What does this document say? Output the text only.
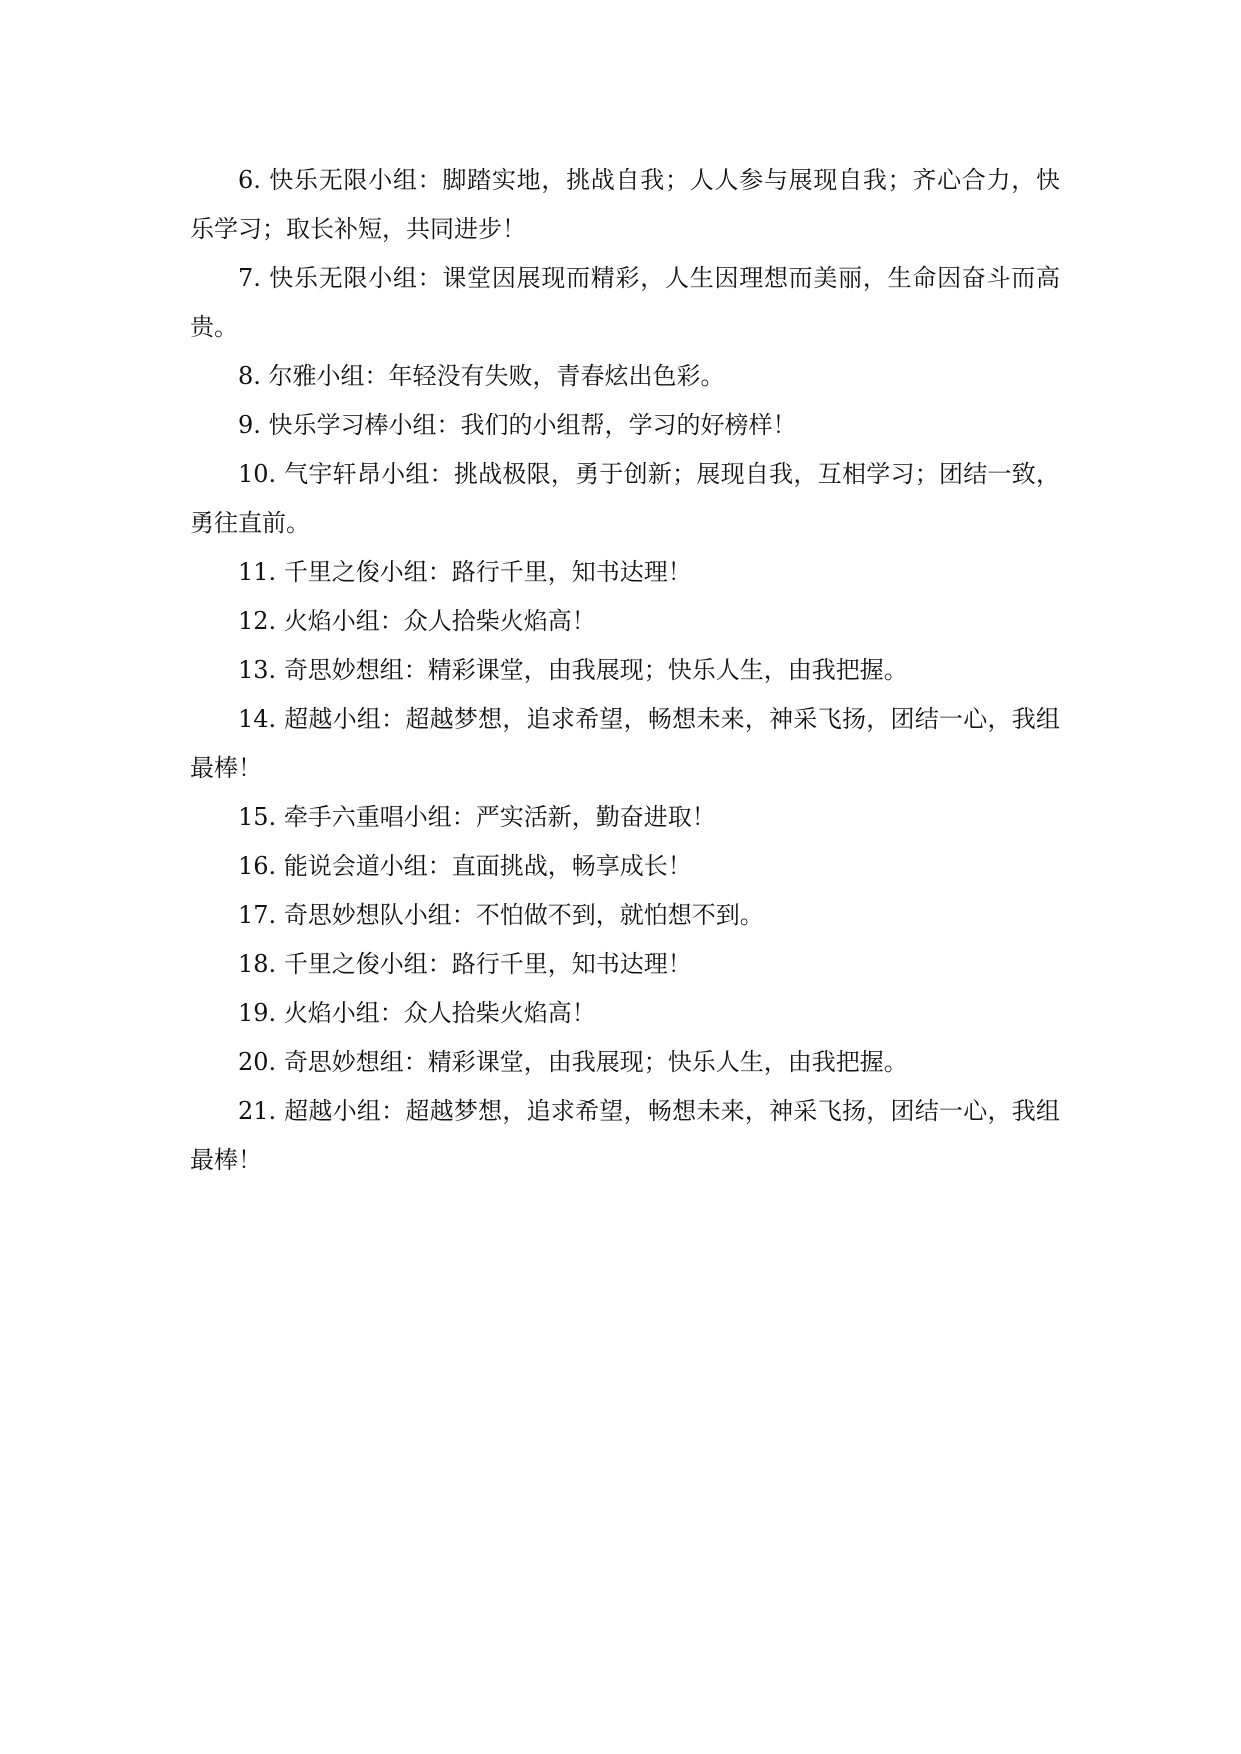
6. 快乐无限小组：脚踏实地，挑战自我；人人参与展现自我；齐心合力，快乐学习；取长补短，共同进步！

7. 快乐无限小组：课堂因展现而精彩，人生因理想而美丽，生命因奋斗而高贵。

8. 尔雅小组：年轻没有失败，青春炫出色彩。

9. 快乐学习棒小组：我们的小组帮，学习的好榜样！

10. 气宇轩昂小组：挑战极限，勇于创新；展现自我，互相学习；团结一致，勇往直前。

11. 千里之俊小组：路行千里，知书达理！

12. 火焰小组：众人拾柴火焰高！

13. 奇思妙想组：精彩课堂，由我展现；快乐人生，由我把握。

14. 超越小组：超越梦想，追求希望，畅想未来，神采飞扬，团结一心，我组最棒！

15. 牵手六重唱小组：严实活新，勤奋进取！

16. 能说会道小组：直面挑战，畅享成长！

17. 奇思妙想队小组：不怕做不到，就怕想不到。

18. 千里之俊小组：路行千里，知书达理！

19. 火焰小组：众人拾柴火焰高！

20. 奇思妙想组：精彩课堂，由我展现；快乐人生，由我把握。

21. 超越小组：超越梦想，追求希望，畅想未来，神采飞扬，团结一心，我组最棒！
